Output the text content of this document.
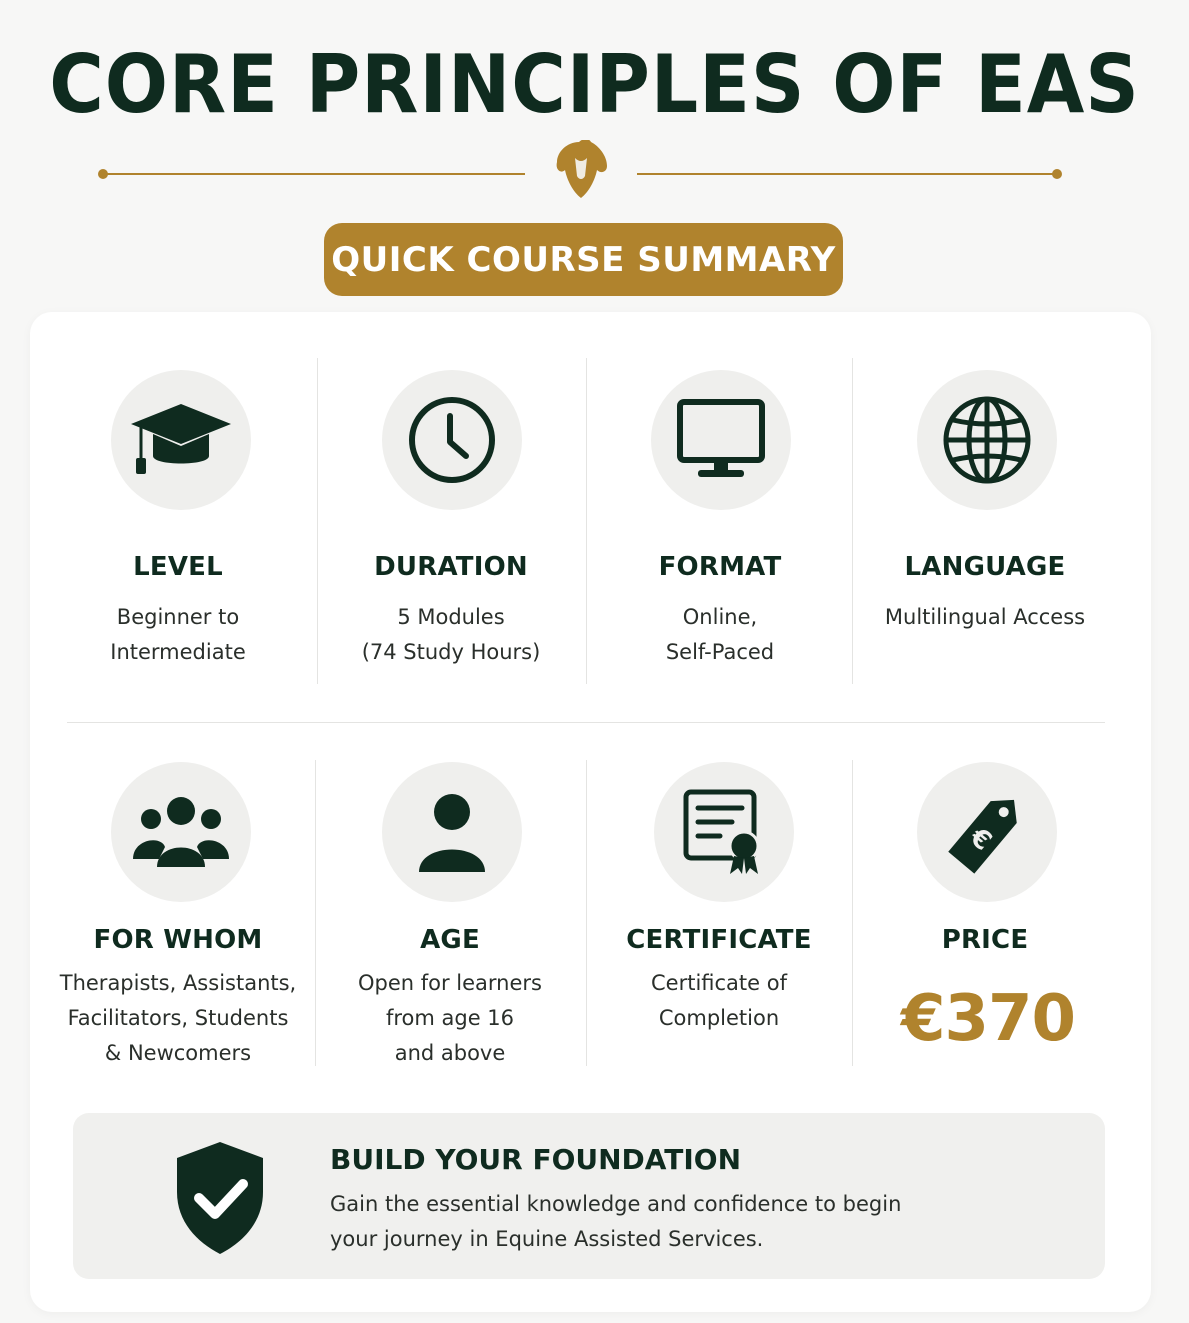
CORE PRINCIPLES OF EAS
QUICK COURSE SUMMARY
LEVEL
Beginner to
Intermediate
DURATION
5 Modules
(74 Study Hours)
FORMAT
Online,
Self-Paced
LANGUAGE
Multilingual Access
FOR WHOM
Therapists, Assistants,
Facilitators, Students
& Newcomers
AGE
Open for learners
from age 16
and above
CERTIFICATE
Certificate of
Completion
€
PRICE
€370
BUILD YOUR FOUNDATION
Gain the essential knowledge and confidence to begin
your journey in Equine Assisted Services.
